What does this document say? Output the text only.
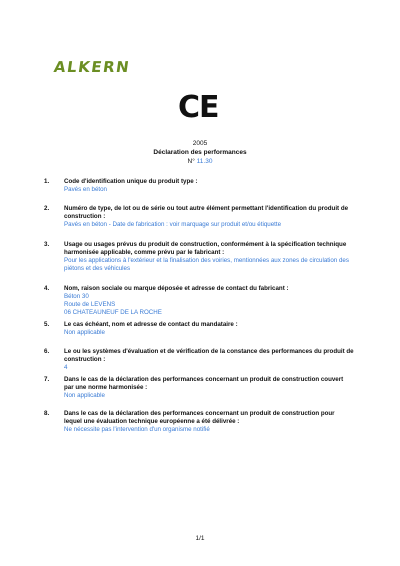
ALKERN
CE
2005
Déclaration des performances
N° 11.30
1.	Code d'identification unique du produit type :
Pavés en béton
2.	Numéro de type, de lot ou de série ou tout autre élément permettant l'identification du produit de construction :
Pavés en béton - Date de fabrication : voir marquage sur produit et/ou étiquette
3.	Usage ou usages prévus du produit de construction, conformément à la spécification technique harmonisée applicable, comme prévu par le fabricant :
Pour les applications à l'extérieur et la finalisation des voiries, mentionnées aux zones de circulation des piétons et des véhicules
4.	Nom, raison sociale ou marque déposée et adresse de contact du fabricant :
Béton 30
Route de LEVENS
06 CHATEAUNEUF DE LA ROCHE
5.	Le cas échéant, nom et adresse de contact du mandataire :
Non applicable
6.	Le ou les systèmes d'évaluation et de vérification de la constance des performances du produit de construction :
4
7.	Dans le cas de la déclaration des performances concernant un produit de construction couvert par une norme harmonisée :
Non applicable
8.	Dans le cas de la déclaration des performances concernant un produit de construction pour lequel une évaluation technique européenne a été délivrée :
Ne nécessite pas l'intervention d'un organisme notifié
1/1
